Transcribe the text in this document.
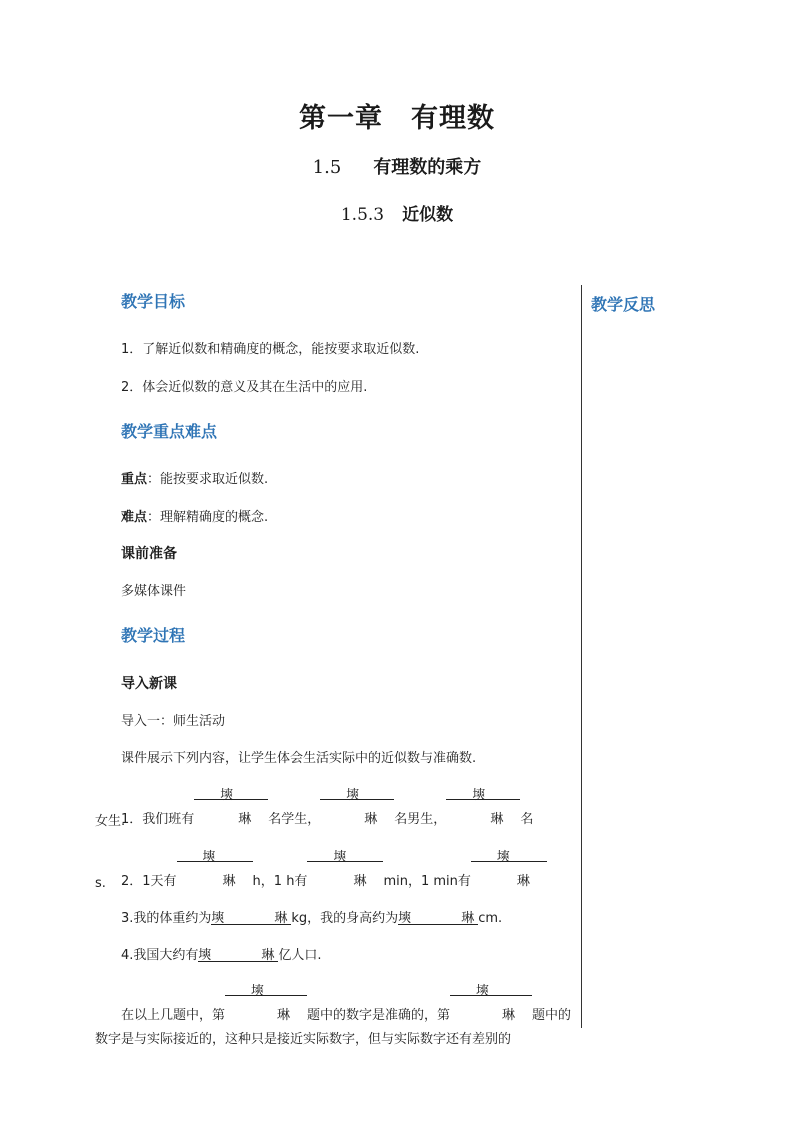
第一章　有理数
1.5 有理数的乘方
1.5.3 近似数
教学反思
教学目标
1．了解近似数和精确度的概念，能按要求取近似数.
2．体会近似数的意义及其在生活中的应用.
教学重点难点
重点：能按要求取近似数.
难点：理解精确度的概念.
课前准备
多媒体课件
教学过程
导入新课
导入一：师生活动
课件展示下列内容，让学生体会生活实际中的近似数与准确数.
1．我们班有塽琳 名学生，塽琳 名男生，塽琳 名
女生.
2．1天有塽琳 h，1 h有塽琳 min，1 min有塽琳
s.
3.我的体重约为塽	琳 kg，我的身高约为塽	琳 cm.
4.我国大约有塽	琳 亿人口.
在以上几题中，第塽琳 题中的数字是准确的，第塽琳 题中的数字是与实际接近的，这种只是接近实际数字，但与实际数字还有差别的
